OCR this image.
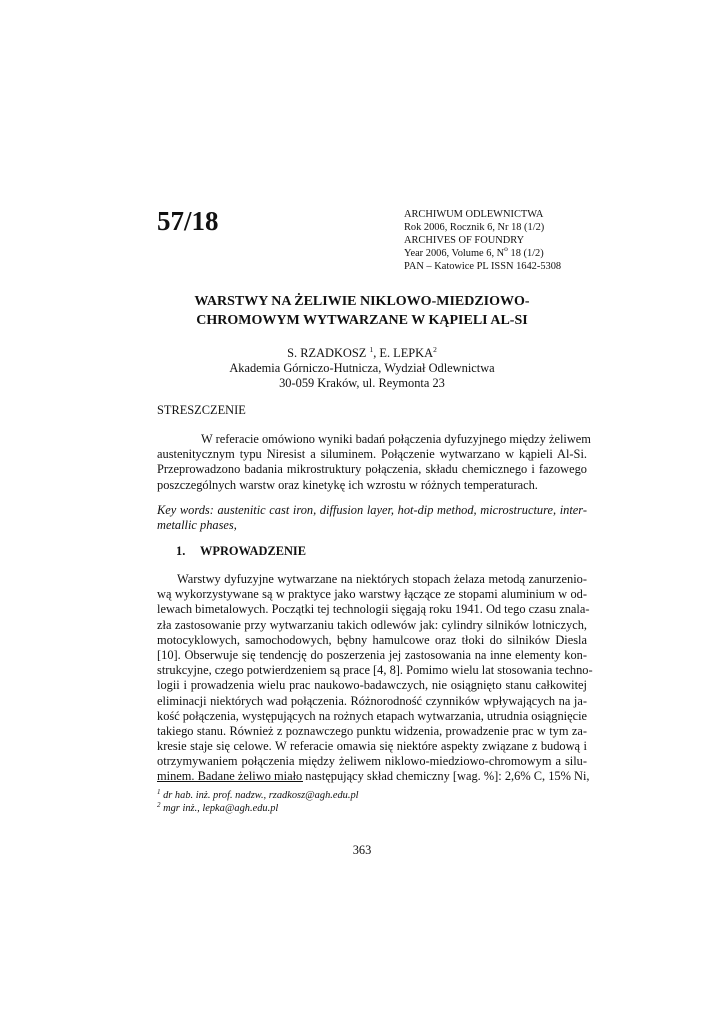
57/18	ARCHIWUM ODLEWNICTWA
Rok 2006, Rocznik 6, Nr 18 (1/2)
ARCHIVES OF FOUNDRY
Year 2006, Volume 6, $N^o$ 18 (1/2)
PAN – Katowice PL ISSN 1642-5308
WARSTWY NA ŻELIWIE NIKLOWO-MIEDZIOWO-
CHROMOWYM WYTWARZANE W KĄPIELI AL-SI
S. RZADKOSZ $^1$, E. LEPKA$^2$
Akademia Górniczo-Hutnicza, Wydział Odlewnictwa
30-059 Kraków, ul. Reymonta 23
STRESZCZENIE
W referacie omówiono wyniki badań połączenia dyfuzyjnego między żeliwem
austenitycznym typu Niresist a siluminem. Połączenie wytwarzano w kąpieli Al-Si.
Przeprowadzono badania mikrostruktury połączenia, składu chemicznego i fazowego
poszczególnych warstw oraz kinetykę ich wzrostu w różnych temperaturach.
Key words: austenitic cast iron, diffusion layer, hot-dip method, microstructure, inter-
metallic phases,
1. WPROWADZENIE
Warstwy dyfuzyjne wytwarzane na niektórych stopach żelaza metodą zanurzenio-
wą wykorzystywane są w praktyce jako warstwy łączące ze stopami aluminium w od-
lewach bimetalowych. Początki tej technologii sięgają roku 1941. Od tego czasu znala-
zła zastosowanie przy wytwarzaniu takich odlewów jak: cylindry silników lotniczych,
motocyklowych, samochodowych, bębny hamulcowe oraz tłoki do silników Diesla
[10]. Obserwuje się tendencję do poszerzenia jej zastosowania na inne elementy kon-
strukcyjne, czego potwierdzeniem są prace [4, 8]. Pomimo wielu lat stosowania techno-
logii i prowadzenia wielu prac naukowo-badawczych, nie osiągnięto stanu całkowitej
eliminacji niektórych wad połączenia. Różnorodność czynników wpływających na ja-
kość połączenia, występujących na rożnych etapach wytwarzania, utrudnia osiągnięcie
takiego stanu. Również z poznawczego punktu widzenia, prowadzenie prac w tym za-
kresie staje się celowe. W referacie omawia się niektóre aspekty związane z budową i
otrzymywaniem połączenia między żeliwem niklowo-miedziowo-chromowym a silu-
minem. Badane żeliwo miało następujący skład chemiczny [wag. %]: 2,6% C, 15% Ni,
$^1$ dr hab. inż. prof. nadzw., rzadkosz@agh.edu.pl
$^2$ mgr inż., lepka@agh.edu.pl
363
